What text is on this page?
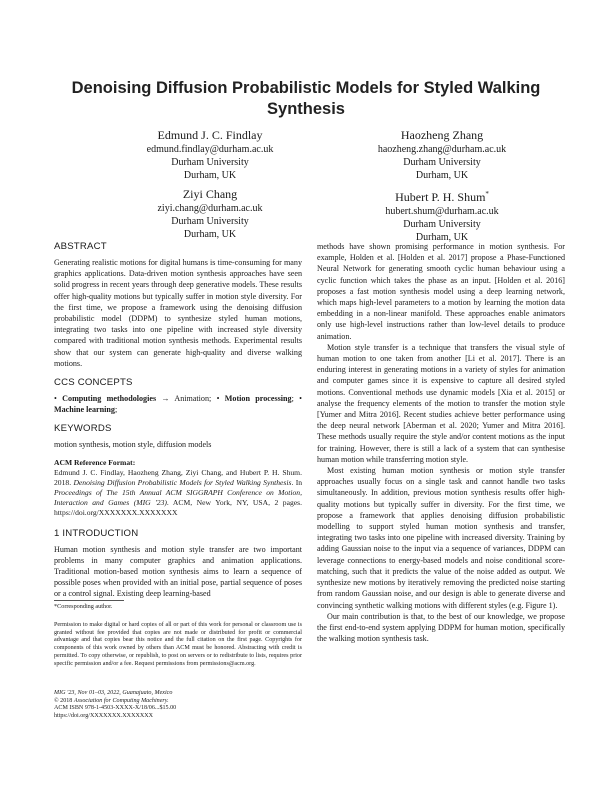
Denoising Diffusion Probabilistic Models for Styled Walking Synthesis
Edmund J. C. Findlay
edmund.findlay@durham.ac.uk
Durham University
Durham, UK
Haozheng Zhang
haozheng.zhang@durham.ac.uk
Durham University
Durham, UK
Ziyi Chang
ziyi.chang@durham.ac.uk
Durham University
Durham, UK
Hubert P. H. Shum*
hubert.shum@durham.ac.uk
Durham University
Durham, UK
ABSTRACT

Generating realistic motions for digital humans is time-consuming for many graphics applications. Data-driven motion synthesis approaches have seen solid progress in recent years through deep generative models. These results offer high-quality motions but typically suffer in motion style diversity. For the first time, we propose a framework using the denoising diffusion probabilistic model (DDPM) to synthesize styled human motions, integrating two tasks into one pipeline with increased style diversity compared with traditional motion synthesis methods. Experimental results show that our system can generate high-quality and diverse walking motions.

CCS CONCEPTS

• Computing methodologies → Animation; • Motion processing; • Machine learning;

KEYWORDS

motion synthesis, motion style, diffusion models

ACM Reference Format:

Edmund J. C. Findlay, Haozheng Zhang, Ziyi Chang, and Hubert P. H. Shum. 2018. Denoising Diffusion Probabilistic Models for Styled Walking Synthesis. In Proceedings of The 15th Annual ACM SIGGRAPH Conference on Motion, Interaction and Games (MIG '23). ACM, New York, NY, USA, 2 pages. https://doi.org/XXXXXXX.XXXXXXX

1 INTRODUCTION

Human motion synthesis and motion style transfer are two important problems in many computer graphics and animation applications. Traditional motion-based motion synthesis aims to learn a sequence of possible poses when provided with an initial pose, partial sequence of poses or a control signal. Existing deep learning-based

*Corresponding author.

Permission to make digital or hard copies of all or part of this work for personal or classroom use is granted without fee provided that copies are not made or distributed for profit or commercial advantage and that copies bear this notice and the full citation on the first page. Copyrights for components of this work owned by others than ACM must be honored. Abstracting with credit is permitted. To copy otherwise, or republish, to post on servers or to redistribute to lists, requires prior specific permission and/or a fee. Request permissions from permissions@acm.org.

MIG '23, Nov 01–03, 2022, Guanajuato, Mexico
© 2018 Association for Computing Machinery.
ACM ISBN 978-1-4503-XXXX-X/18/06...$15.00
https://doi.org/XXXXXXX.XXXXXXX

methods have shown promising performance in motion synthesis. For example, Holden et al. [Holden et al. 2017] propose a Phase-Functioned Neural Network for generating smooth cyclic human behaviour using a cyclic function which takes the phase as an input. [Holden et al. 2016] proposes a fast motion synthesis model using a deep learning network, which maps high-level parameters to a motion by learning the motion data embedding in a non-linear manifold. These approaches enable animators only use high-level instructions rather than low-level details to produce animation.

Motion style transfer is a technique that transfers the visual style of human motion to one taken from another [Li et al. 2017]. There is an enduring interest in generating motions in a variety of styles for animation and computer games since it is expensive to capture all desired styled motions. Conventional methods use dynamic models [Xia et al. 2015] or analyse the frequency elements of the motion to transfer the motion style [Yumer and Mitra 2016]. Recent studies achieve better performance using the deep neural network [Aberman et al. 2020; Yumer and Mitra 2016]. These methods usually require the style and/or content motions as the input for training. However, there is still a lack of a system that can synthesise human motion while transferring motion style.

Most existing human motion synthesis or motion style transfer approaches usually focus on a single task and cannot handle two tasks simultaneously. In addition, previous motion synthesis results offer high-quality motions but typically suffer in diversity. For the first time, we propose a framework that applies denoising diffusion probabilistic modelling to support styled human motion synthesis and transfer, integrating two tasks into one pipeline with increased diversity. Training by adding Gaussian noise to the input via a sequence of variances, DDPM can leverage connections to energy-based models and noise conditional score-matching, such that it predicts the value of the noise added as output. We synthesize new motions by iteratively removing the predicted noise starting from random Gaussian noise, and our design is able to generate diverse and convincing synthetic walking motions with different styles (e.g. Figure 1).

Our main contribution is that, to the best of our knowledge, we propose the first end-to-end system applying DDPM for human motion, specifically the walking motion synthesis task.
